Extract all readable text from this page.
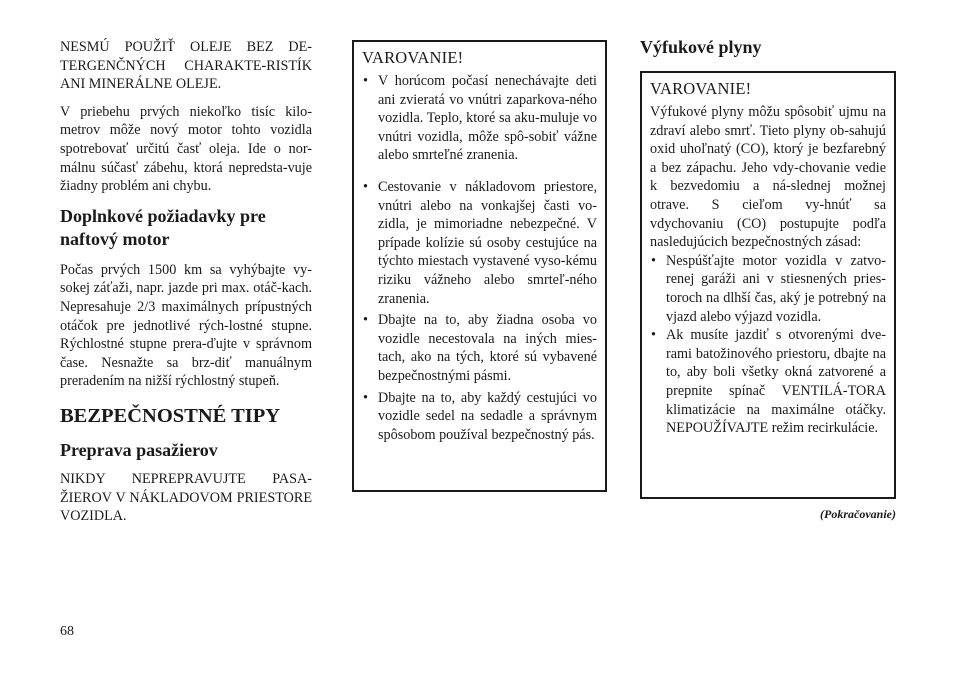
NESMÚ POUŽIŤ OLEJE BEZ DE-TERGENČNÝCH CHARAKTE-RISTÍK ANI MINERÁLNE OLEJE.

V priebehu prvých niekoľko tisíc kilo-metrov môže nový motor tohto vozidla spotrebovať určitú časť oleja. Ide o nor-málnu súčasť zábehu, ktorá nepredsta-vuje žiadny problém ani chybu.

Doplnkové požiadavky pre naftový motor

Počas prvých 1500 km sa vyhýbajte vy-sokej záťaži, napr. jazde pri max. otáč-kach. Nepresahuje 2/3 maximálnych prípustných otáčok pre jednotlivé rých-lostné stupne. Rýchlostné stupne prera-ďujte v správnom čase. Nesnažte sa brz-diť manuálnym preradením na nižší rýchlostný stupeň.

BEZPEČNOSTNÉ TIPY
Preprava pasažierov

NIKDY NEPREPRAVUJTE PASA-ŽIEROV V NÁKLADOVOM PRIESTORE VOZIDLA.

VAROVANIE!
• V horúcom počasí nenechávajte deti ani zvieratá vo vnútri zaparkova-ného vozidla. Teplo, ktoré sa aku-muluje vo vnútri vozidla, môže spô-sobiť vážne alebo smrteľné zranenia.
• Cestovanie v nákladovom priestore, vnútri alebo na vonkajšej časti vo-zidla, je mimoriadne nebezpečné. V prípade kolízie sú osoby cestujúce na týchto miestach vystavené vyso-kému riziku vážneho alebo smrteľ-ného zranenia.
• Dbajte na to, aby žiadna osoba vo vozidle necestovala na iných mies-tach, ako na tých, ktoré sú vybavené bezpečnostnými pásmi.
• Dbajte na to, aby každý cestujúci vo vozidle sedel na sedadle a správnym spôsobom používal bezpečnostný pás.
Výfukové plyny
VAROVANIE!

Výfukové plyny môžu spôsobiť ujmu na zdraví alebo smrť. Tieto plyny ob-sahujú oxid uhoľnatý (CO), ktorý je bezfarebný a bez zápachu. Jeho vdy-chovanie vedie k bezvedomiu a ná-slednej možnej otrave. S cieľom vy-hnúť sa vdychovaniu (CO) postupujte podľa nasledujúcich bezpečnostných zásad:

• Nespúšťajte motor vozidla v zatvo-renej garáži ani v stiesnených pries-toroch na dlhší čas, aký je potrebný na vjazd alebo výjazd vozidla.
• Ak musíte jazdiť s otvorenými dve-rami batožinového priestoru, dbajte na to, aby boli všetky okná zatvorené a prepnite spínač VENTILÁ-TORA klimatizácie na maximálne otáčky. NEPOUŽÍVAJTE režim recirkulácie.
(Pokračovanie)
68
